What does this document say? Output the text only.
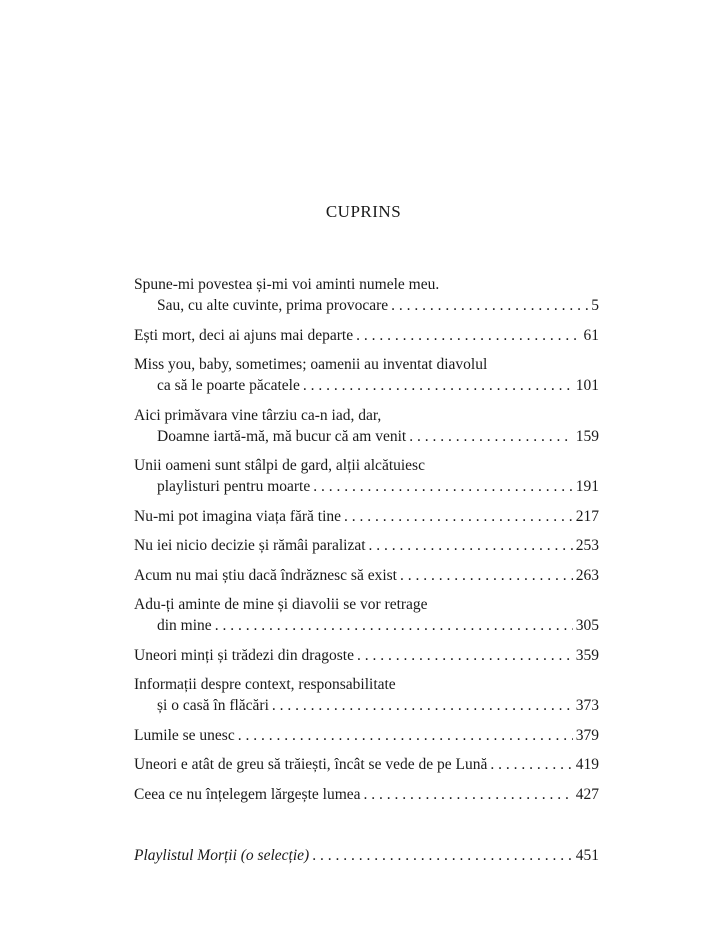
CUPRINS
Spune-mi povestea și-mi voi aminti numele meu.
Sau, cu alte cuvinte, prima provocare . . .	5
Ești mort, deci ai ajuns mai departe . . .	61
Miss you, baby, sometimes; oamenii au inventat diavolul
ca să le poarte păcatele . . .	101
Aici primăvara vine târziu ca-n iad, dar,
Doamne iartă-mă, mă bucur că am venit . . .	159
Unii oameni sunt stâlpi de gard, alții alcătuiesc
playlisturi pentru moarte . . .	191
Nu-mi pot imagina viața fără tine . . .	217
Nu iei nicio decizie și rămâi paralizat . . .	253
Acum nu mai știu dacă îndrăznesc să exist . . .	263
Adu-ți aminte de mine și diavolii se vor retrage
din mine . . .	305
Uneori minți și trădezi din dragoste . . .	359
Informații despre context, responsabilitate
și o casă în flăcări . . .	373
Lumile se unesc . . .	379
Uneori e atât de greu să trăiești, încât se vede de pe Lună . . .	419
Ceea ce nu înțelegem lărgește lumea . . .	427
Playlistul Morții (o selecție) . . .	451
